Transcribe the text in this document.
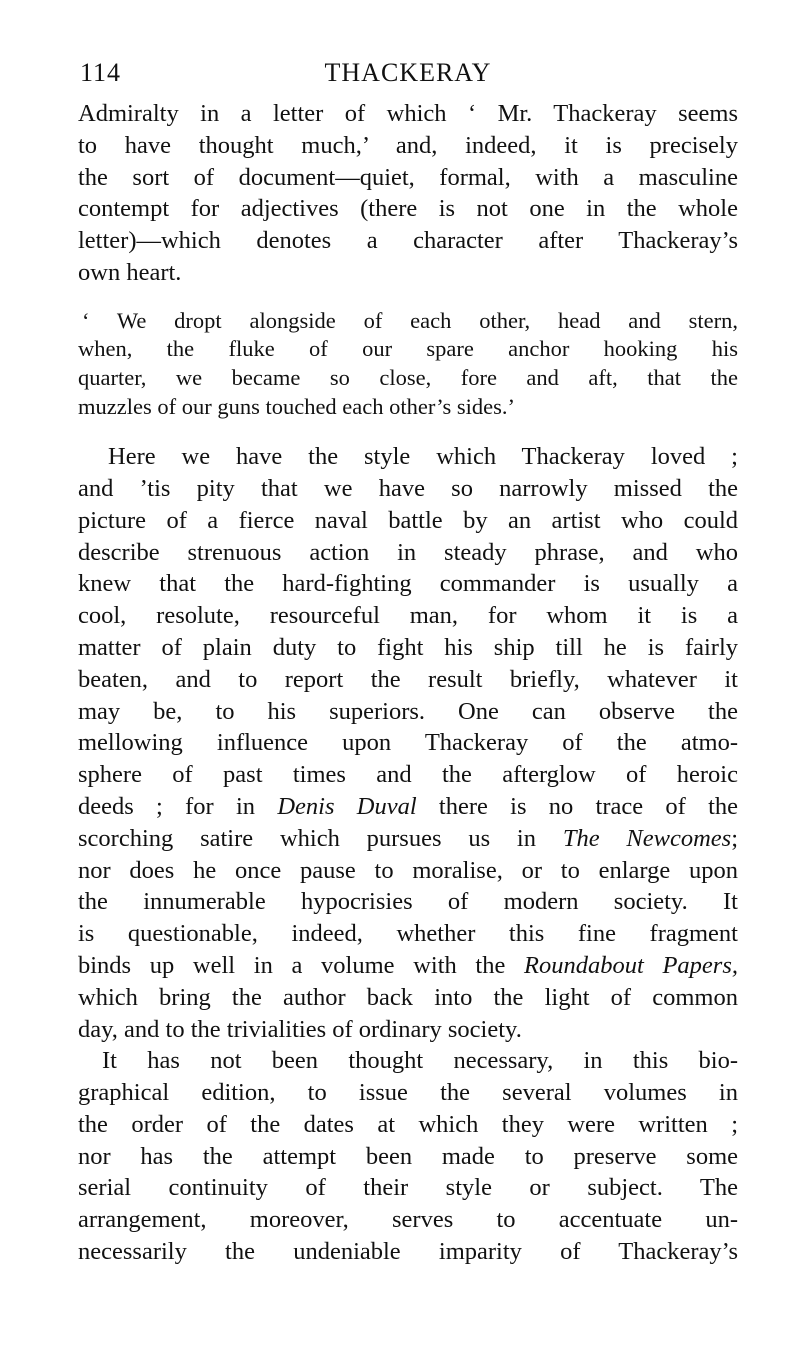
114	THACKERAY
Admiralty in a letter of which ‘ Mr. Thackeray seems
to have thought much,’ and, indeed, it is precisely
the sort of document—quiet, formal, with a masculine
contempt for adjectives (there is not one in the whole
letter)—which denotes a character after Thackeray’s
own heart.
‘ We dropt alongside of each other, head and stern,
when, the fluke of our spare anchor hooking his
quarter, we became so close, fore and aft, that the
muzzles of our guns touched each other’s sides.’
Here we have the style which Thackeray loved ;
and ’tis pity that we have so narrowly missed the
picture of a fierce naval battle by an artist who could
describe strenuous action in steady phrase, and who
knew that the hard-fighting commander is usually a
cool, resolute, resourceful man, for whom it is a
matter of plain duty to fight his ship till he is fairly
beaten, and to report the result briefly, whatever it
may be, to his superiors. One can observe the
mellowing influence upon Thackeray of the atmo-
sphere of past times and the afterglow of heroic
deeds ; for in Denis Duval there is no trace of the
scorching satire which pursues us in The Newcomes;
nor does he once pause to moralise, or to enlarge upon
the innumerable hypocrisies of modern society. It
is questionable, indeed, whether this fine fragment
binds up well in a volume with the Roundabout Papers,
which bring the author back into the light of common
day, and to the trivialities of ordinary society.
It has not been thought necessary, in this bio-
graphical edition, to issue the several volumes in
the order of the dates at which they were written ;
nor has the attempt been made to preserve some
serial continuity of their style or subject. The
arrangement, moreover, serves to accentuate un-
necessarily the undeniable imparity of Thackeray’s
